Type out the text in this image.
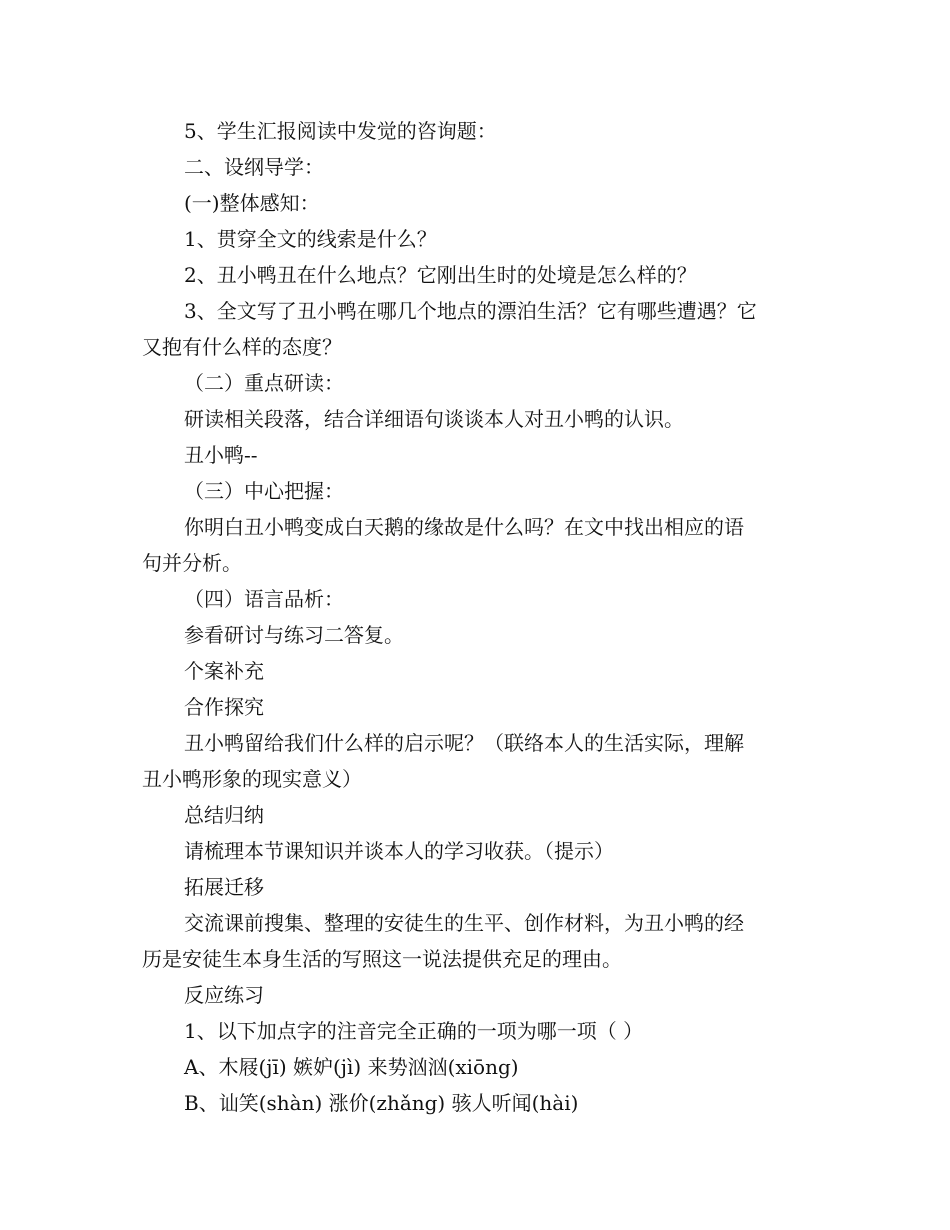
5、学生汇报阅读中发觉的咨询题：
二、设纲导学：
(一)整体感知：
1、贯穿全文的线索是什么？
2、丑小鸭丑在什么地点？它刚出生时的处境是怎么样的？
3、全文写了丑小鸭在哪几个地点的漂泊生活？它有哪些遭遇？它
又抱有什么样的态度？
（二）重点研读：
研读相关段落，结合详细语句谈谈本人对丑小鸭的认识。
丑小鸭--
（三）中心把握：
你明白丑小鸭变成白天鹅的缘故是什么吗？在文中找出相应的语
句并分析。
（四）语言品析：
参看研讨与练习二答复。
个案补充
合作探究
丑小鸭留给我们什么样的启示呢？（联络本人的生活实际，理解
丑小鸭形象的现实意义）
总结归纳
请梳理本节课知识并谈本人的学习收获。（提示）
拓展迁移
交流课前搜集、整理的安徒生的生平、创作材料，为丑小鸭的经
历是安徒生本身生活的写照这一说法提供充足的理由。
反应练习
1、以下加点字的注音完全正确的一项为哪一项（ ）
A、木屐(jī) 嫉妒(jì) 来势汹汹(xiōng)
B、讪笑(shàn) 涨价(zhǎng) 骇人听闻(hài)
